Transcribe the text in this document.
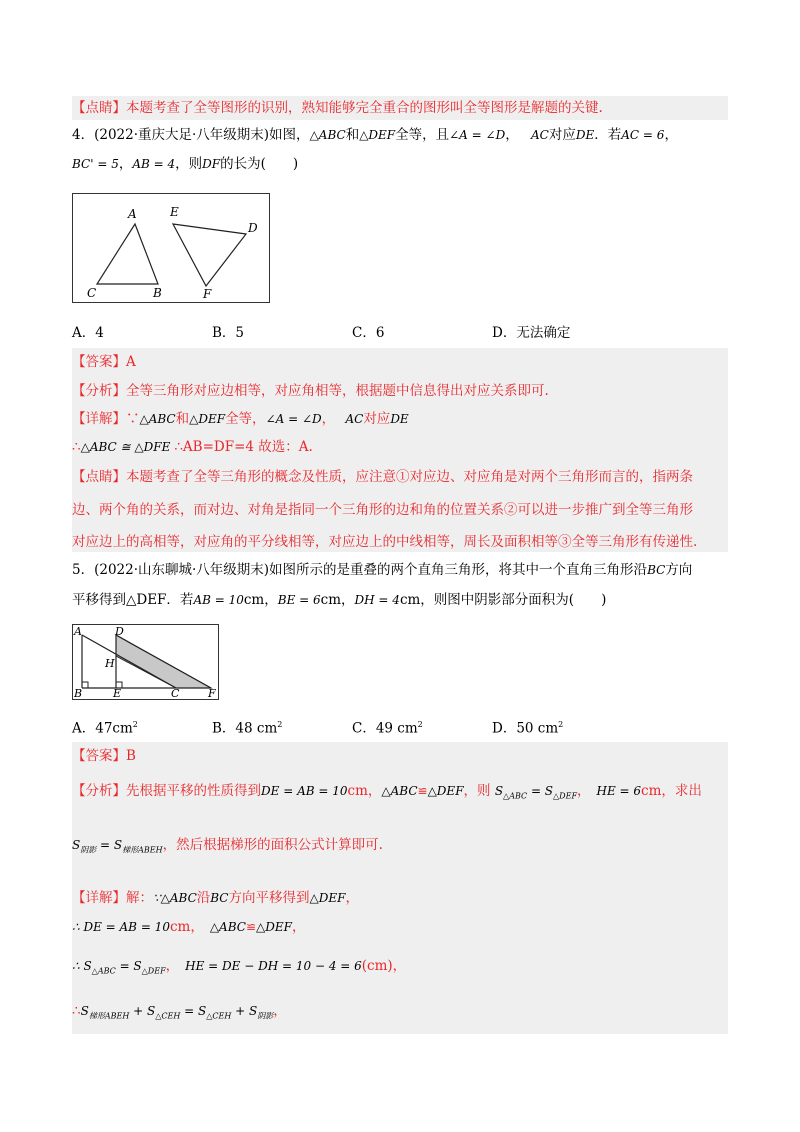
【点睛】本题考查了全等图形的识别，熟知能够完全重合的图形叫全等图形是解题的关键.
4．(2022·重庆大足·八年级期末)如图，△ABC和△DEF全等，且∠A = ∠D， AC对应DE．若AC = 6，
BC' = 5，AB = 4，则DF的长为(　　)
A	E
D
C	B	F
A．4	B．5	C．6	D．无法确定
【答案】A
【分析】全等三角形对应边相等，对应角相等，根据题中信息得出对应关系即可.
【详解】∵△ABC和△DEF全等，∠A = ∠D， AC对应DE
∴△ABC ≅ △DFE ∴AB=DF=4 故选：A.
【点睛】本题考查了全等三角形的概念及性质，应注意①对应边、对应角是对两个三角形而言的，指两条
边、两个角的关系，而对边、对角是指同一个三角形的边和角的位置关系②可以进一步推广到全等三角形
对应边上的高相等，对应角的平分线相等，对应边上的中线相等，周长及面积相等③全等三角形有传递性.
5．(2022·山东聊城·八年级期末)如图所示的是重叠的两个直角三角形，将其中一个直角三角形沿BC方向
平移得到△DEF．若AB = 10cm，BE = 6cm，DH = 4cm，则图中阴影部分面积为(　　)
A	D
H
B	E	C	F
A．$47cm^2$	B．48 $cm^2$	C．49 $cm^2$	D．50 $cm^2$
【答案】B
【分析】先根据平移的性质得到DE = AB = 10cm，△ABC≌△DEF，则 $S_{\triangle ABC} = S_{\triangle DEF}$， HE = 6cm，求出
$S_{阴影} = S_{梯形ABEH}$，然后根据梯形的面积公式计算即可.
【详解】解：∵△ABC沿BC方向平移得到△DEF，
∴ DE = AB = 10cm， △ABC≌△DEF，
∴ $S_{\triangle ABC} = S_{\triangle DEF}$， HE = DE − DH = 10 − 4 = 6(cm)，
$\therefore S_{梯形ABEH} + S_{\triangle CEH} = S_{\triangle CEH} + S_{阴影}$，
